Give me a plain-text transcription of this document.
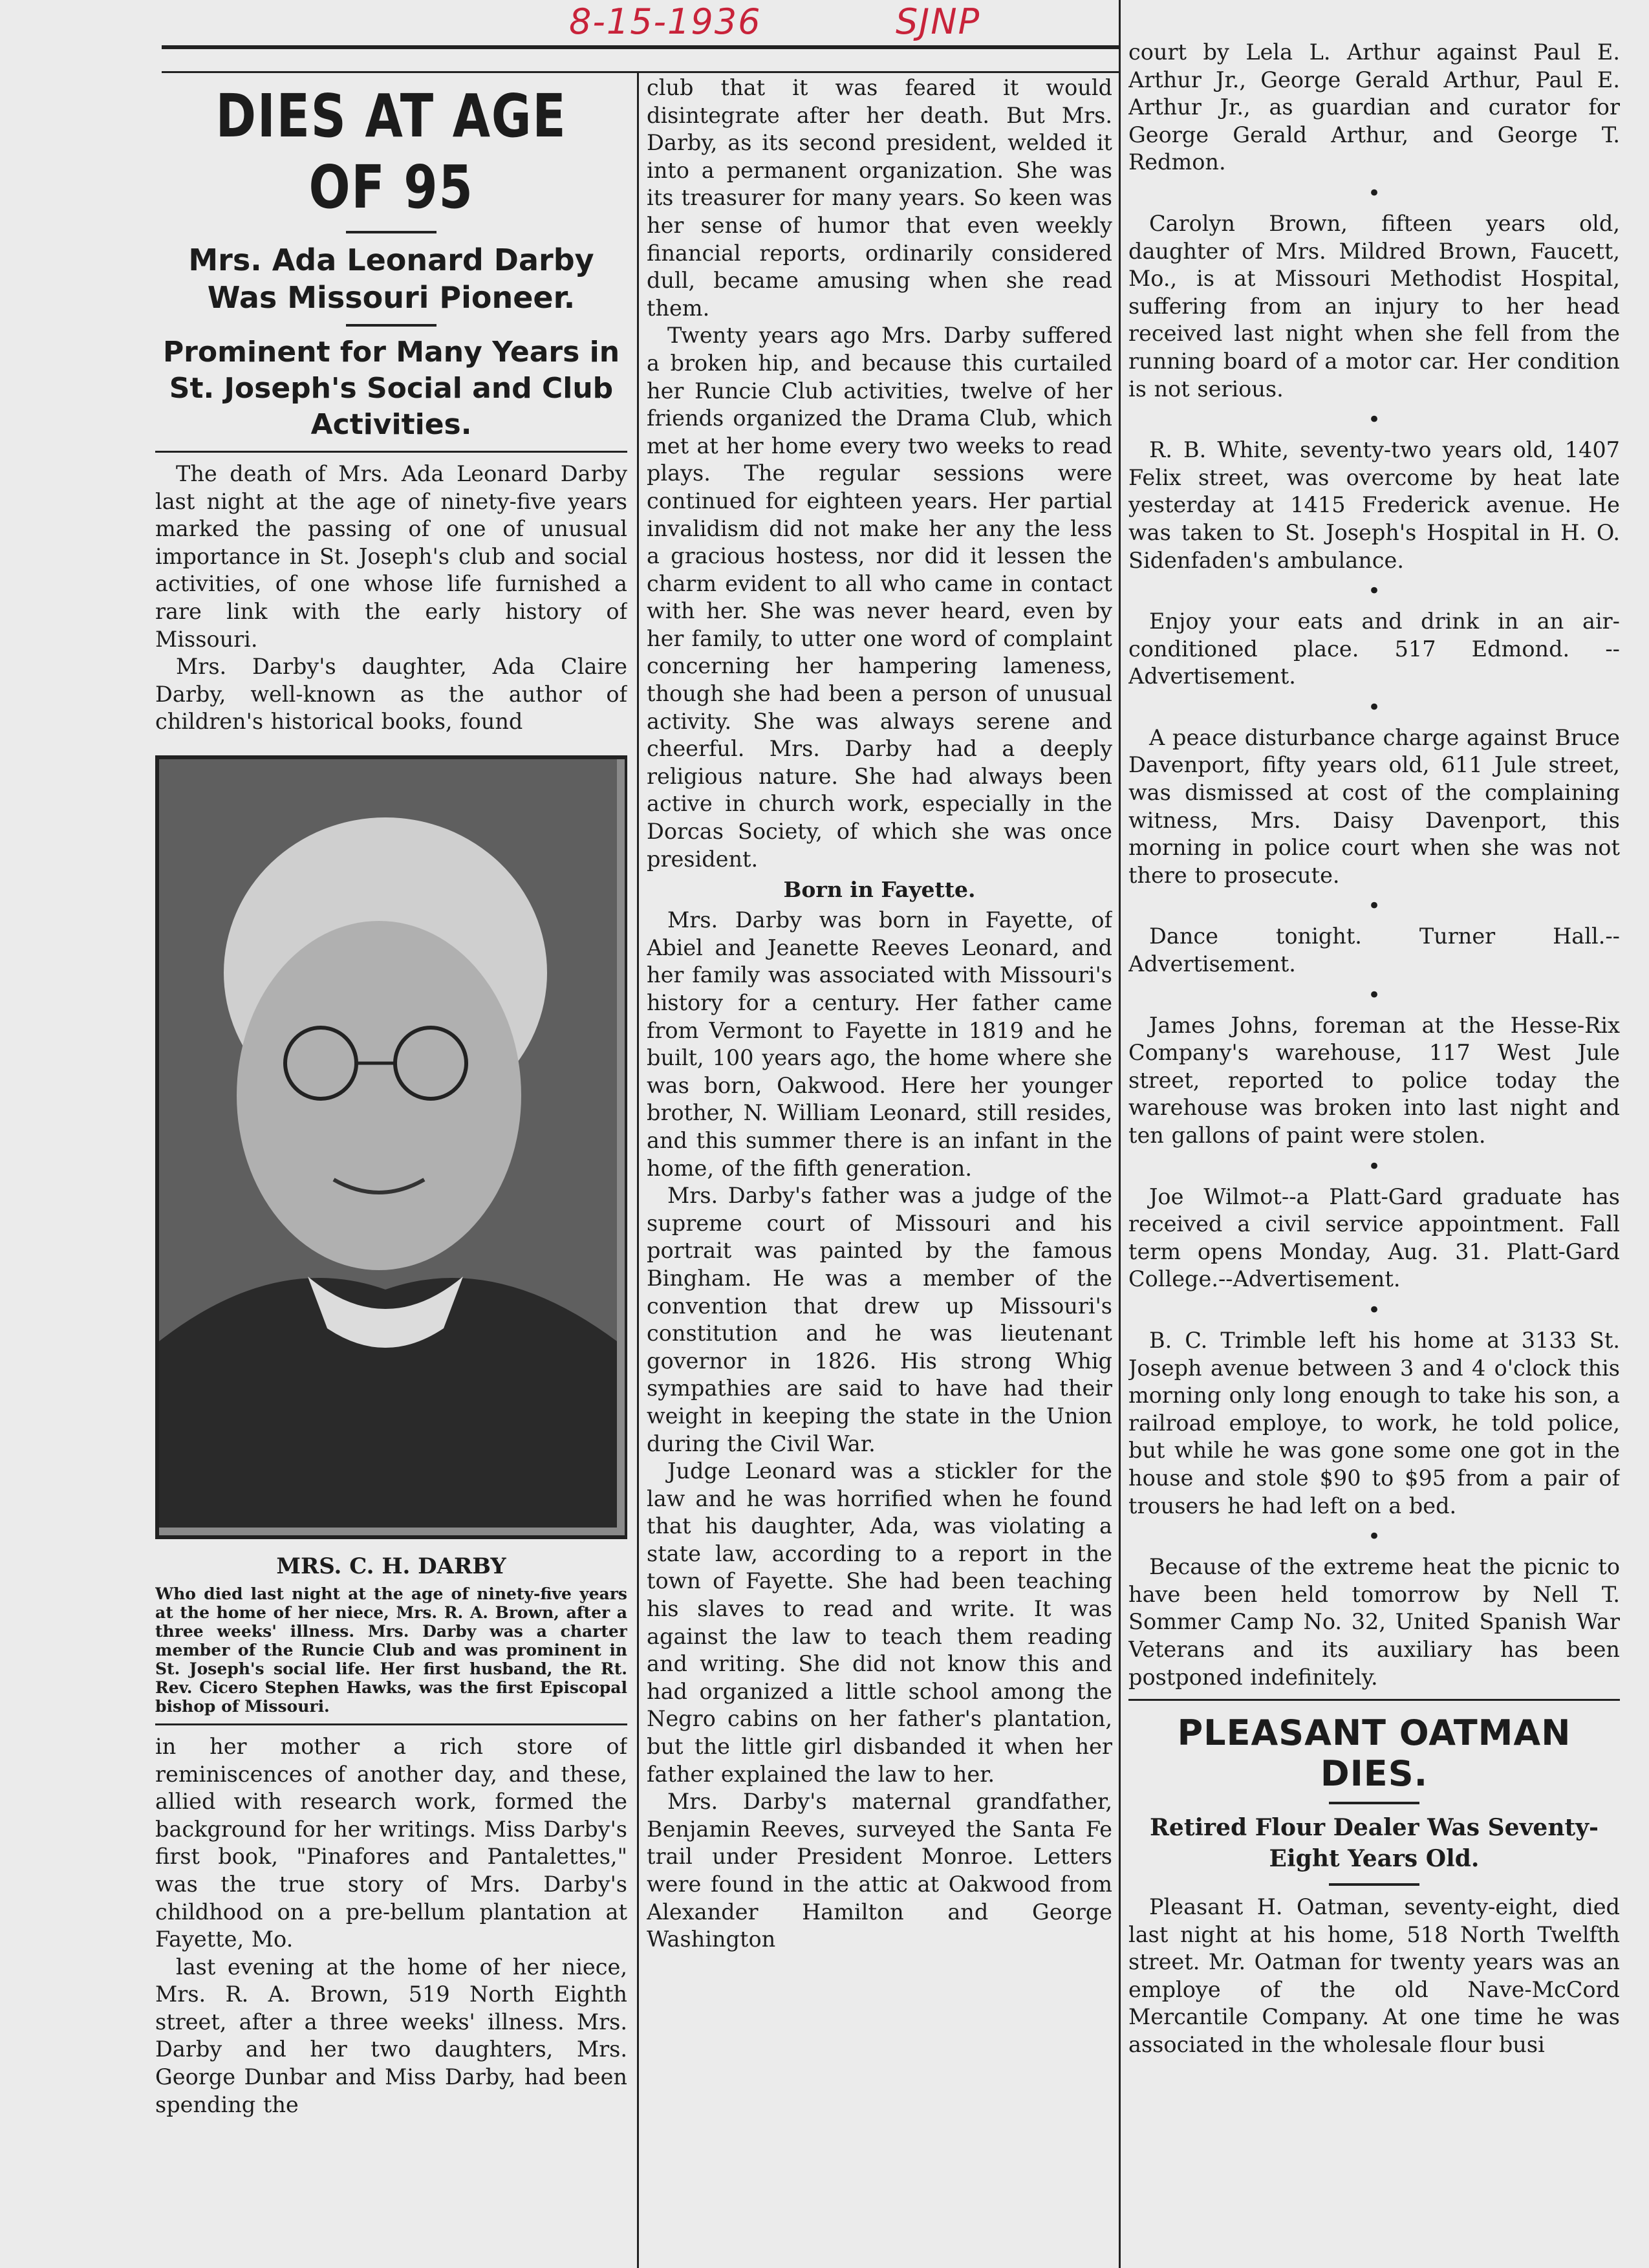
8-15-1936	SJNP
DIES AT AGE OF 95

Mrs. Ada Leonard Darby Was Missouri Pioneer.

Prominent for Many Years in St. Joseph's Social and Club Activities.

The death of Mrs. Ada Leonard Darby last night at the age of ninety-five years marked the passing of one of unusual importance in St. Joseph's club and social activities, of one whose life furnished a rare link with the early history of Missouri.

Mrs. Darby's daughter, Ada Claire Darby, well-known as the author of children's historical books, found

MRS. C. H. DARBY

Who died last night at the age of ninety-five years at the home of her niece, Mrs. R. A. Brown, after a three weeks' illness. Mrs. Darby was a charter member of the Runcie Club and was prominent in St. Joseph's social life. Her first husband, the Rt. Rev. Cicero Stephen Hawks, was the first Episcopal bishop of Missouri.

in her mother a rich store of reminiscences of another day, and these, allied with research work, formed the background for her writings. Miss Darby's first book, "Pinafores and Pantalettes," was the true story of Mrs. Darby's childhood on a pre-bellum plantation at Fayette, Mo.

last evening at the home of her niece, Mrs. R. A. Brown, 519 North Eighth street, after a three weeks' illness. Mrs. Darby and her two daughters, Mrs. George Dunbar and Miss Darby, had been spending the

club that it was feared it would disintegrate after her death. But Mrs. Darby, as its second president, welded it into a permanent organization. She was its treasurer for many years. So keen was her sense of humor that even weekly financial reports, ordinarily considered dull, became amusing when she read them.

Twenty years ago Mrs. Darby suffered a broken hip, and because this curtailed her Runcie Club activities, twelve of her friends organized the Drama Club, which met at her home every two weeks to read plays. The regular sessions were continued for eighteen years. Her partial invalidism did not make her any the less a gracious hostess, nor did it lessen the charm evident to all who came in contact with her. She was never heard, even by her family, to utter one word of complaint concerning her hampering lameness, though she had been a person of unusual activity. She was always serene and cheerful. Mrs. Darby had a deeply religious nature. She had always been active in church work, especially in the Dorcas Society, of which she was once president.

Born in Fayette.

Mrs. Darby was born in Fayette, of Abiel and Jeanette Reeves Leonard, and her family was associated with Missouri's history for a century. Her father came from Vermont to Fayette in 1819 and he built, 100 years ago, the home where she was born, Oakwood. Here her younger brother, N. William Leonard, still resides, and this summer there is an infant in the home, of the fifth generation.

Mrs. Darby's father was a judge of the supreme court of Missouri and his portrait was painted by the famous Bingham. He was a member of the convention that drew up Missouri's constitution and he was lieutenant governor in 1826. His strong Whig sympathies are said to have had their weight in keeping the state in the Union during the Civil War.

Judge Leonard was a stickler for the law and he was horrified when he found that his daughter, Ada, was violating a state law, according to a report in the town of Fayette. She had been teaching his slaves to read and write. It was against the law to teach them reading and writing. She did not know this and had organized a little school among the Negro cabins on her father's plantation, but the little girl disbanded it when her father explained the law to her.

Mrs. Darby's maternal grandfather, Benjamin Reeves, surveyed the Santa Fe trail under President Monroe. Letters were found in the attic at Oakwood from Alexander Hamilton and George Washington

court by Lela L. Arthur against Paul E. Arthur Jr., George Gerald Arthur, Paul E. Arthur Jr., as guardian and curator for George Gerald Arthur, and George T. Redmon.

•

Carolyn Brown, fifteen years old, daughter of Mrs. Mildred Brown, Faucett, Mo., is at Missouri Methodist Hospital, suffering from an injury to her head received last night when she fell from the running board of a motor car. Her condition is not serious.

•

R. B. White, seventy-two years old, 1407 Felix street, was overcome by heat late yesterday at 1415 Frederick avenue. He was taken to St. Joseph's Hospital in H. O. Sidenfaden's ambulance.

•

Enjoy your eats and drink in an air-conditioned place. 517 Edmond. --Advertisement.

•

A peace disturbance charge against Bruce Davenport, fifty years old, 611 Jule street, was dismissed at cost of the complaining witness, Mrs. Daisy Davenport, this morning in police court when she was not there to prosecute.

•

Dance tonight. Turner Hall.--Advertisement.

•

James Johns, foreman at the Hesse-Rix Company's warehouse, 117 West Jule street, reported to police today the warehouse was broken into last night and ten gallons of paint were stolen.

•

Joe Wilmot--a Platt-Gard graduate has received a civil service appointment. Fall term opens Monday, Aug. 31. Platt-Gard College.--Advertisement.

•

B. C. Trimble left his home at 3133 St. Joseph avenue between 3 and 4 o'clock this morning only long enough to take his son, a railroad employe, to work, he told police, but while he was gone some one got in the house and stole $90 to $95 from a pair of trousers he had left on a bed.

•

Because of the extreme heat the picnic to have been held tomorrow by Nell T. Sommer Camp No. 32, United Spanish War Veterans and its auxiliary has been postponed indefinitely.

PLEASANT OATMAN DIES.

Retired Flour Dealer Was Seventy-Eight Years Old.

Pleasant H. Oatman, seventy-eight, died last night at his home, 518 North Twelfth street. Mr. Oatman for twenty years was an employe of the old Nave-McCord Mercantile Company. At one time he was associated in the wholesale flour busi
